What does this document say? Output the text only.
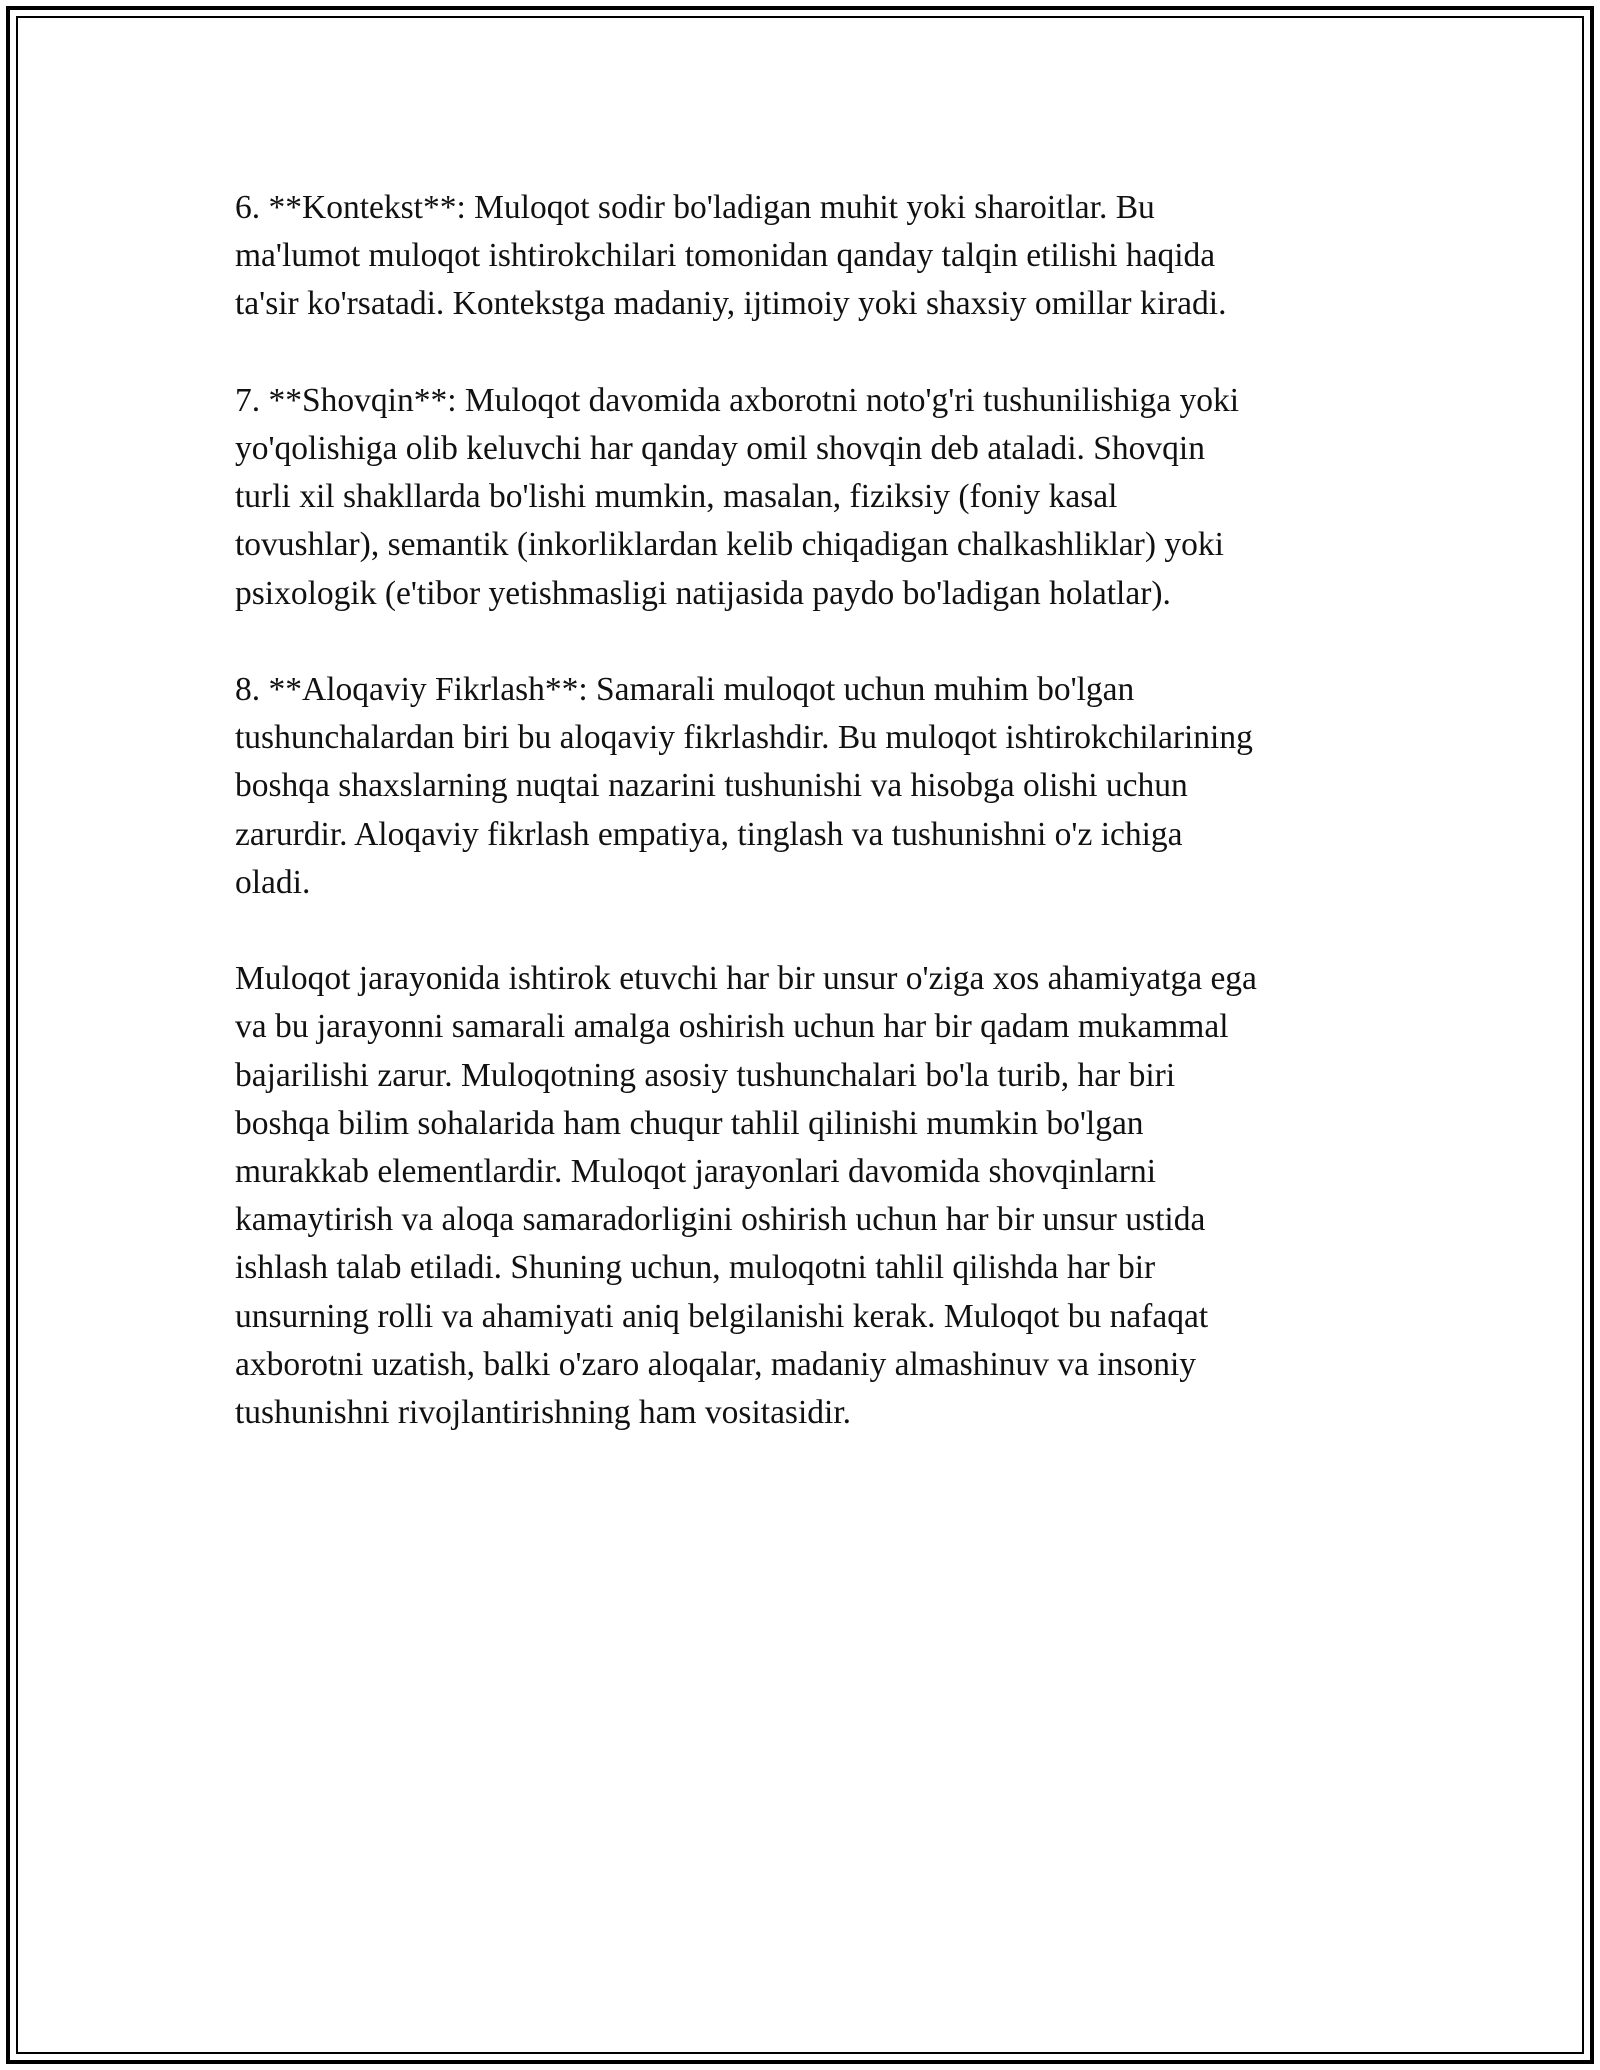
6. **Kontekst**: Muloqot sodir bo'ladigan muhit yoki sharoitlar. Bu
ma'lumot muloqot ishtirokchilari tomonidan qanday talqin etilishi haqida
ta'sir ko'rsatadi. Kontekstga madaniy, ijtimoiy yoki shaxsiy omillar kiradi.

7. **Shovqin**: Muloqot davomida axborotni noto'g'ri tushunilishiga yoki
yo'qolishiga olib keluvchi har qanday omil shovqin deb ataladi. Shovqin
turli xil shakllarda bo'lishi mumkin, masalan, fiziksiy (foniy kasal
tovushlar), semantik (inkorliklardan kelib chiqadigan chalkashliklar) yoki
psixologik (e'tibor yetishmasligi natijasida paydo bo'ladigan holatlar).

8. **Aloqaviy Fikrlash**: Samarali muloqot uchun muhim bo'lgan
tushunchalardan biri bu aloqaviy fikrlashdir. Bu muloqot ishtirokchilarining
boshqa shaxslarning nuqtai nazarini tushunishi va hisobga olishi uchun
zarurdir. Aloqaviy fikrlash empatiya, tinglash va tushunishni o'z ichiga
oladi.

Muloqot jarayonida ishtirok etuvchi har bir unsur o'ziga xos ahamiyatga ega
va bu jarayonni samarali amalga oshirish uchun har bir qadam mukammal
bajarilishi zarur. Muloqotning asosiy tushunchalari bo'la turib, har biri
boshqa bilim sohalarida ham chuqur tahlil qilinishi mumkin bo'lgan
murakkab elementlardir. Muloqot jarayonlari davomida shovqinlarni
kamaytirish va aloqa samaradorligini oshirish uchun har bir unsur ustida
ishlash talab etiladi. Shuning uchun, muloqotni tahlil qilishda har bir
unsurning rolli va ahamiyati aniq belgilanishi kerak. Muloqot bu nafaqat
axborotni uzatish, balki o'zaro aloqalar, madaniy almashinuv va insoniy
tushunishni rivojlantirishning ham vositasidir.
